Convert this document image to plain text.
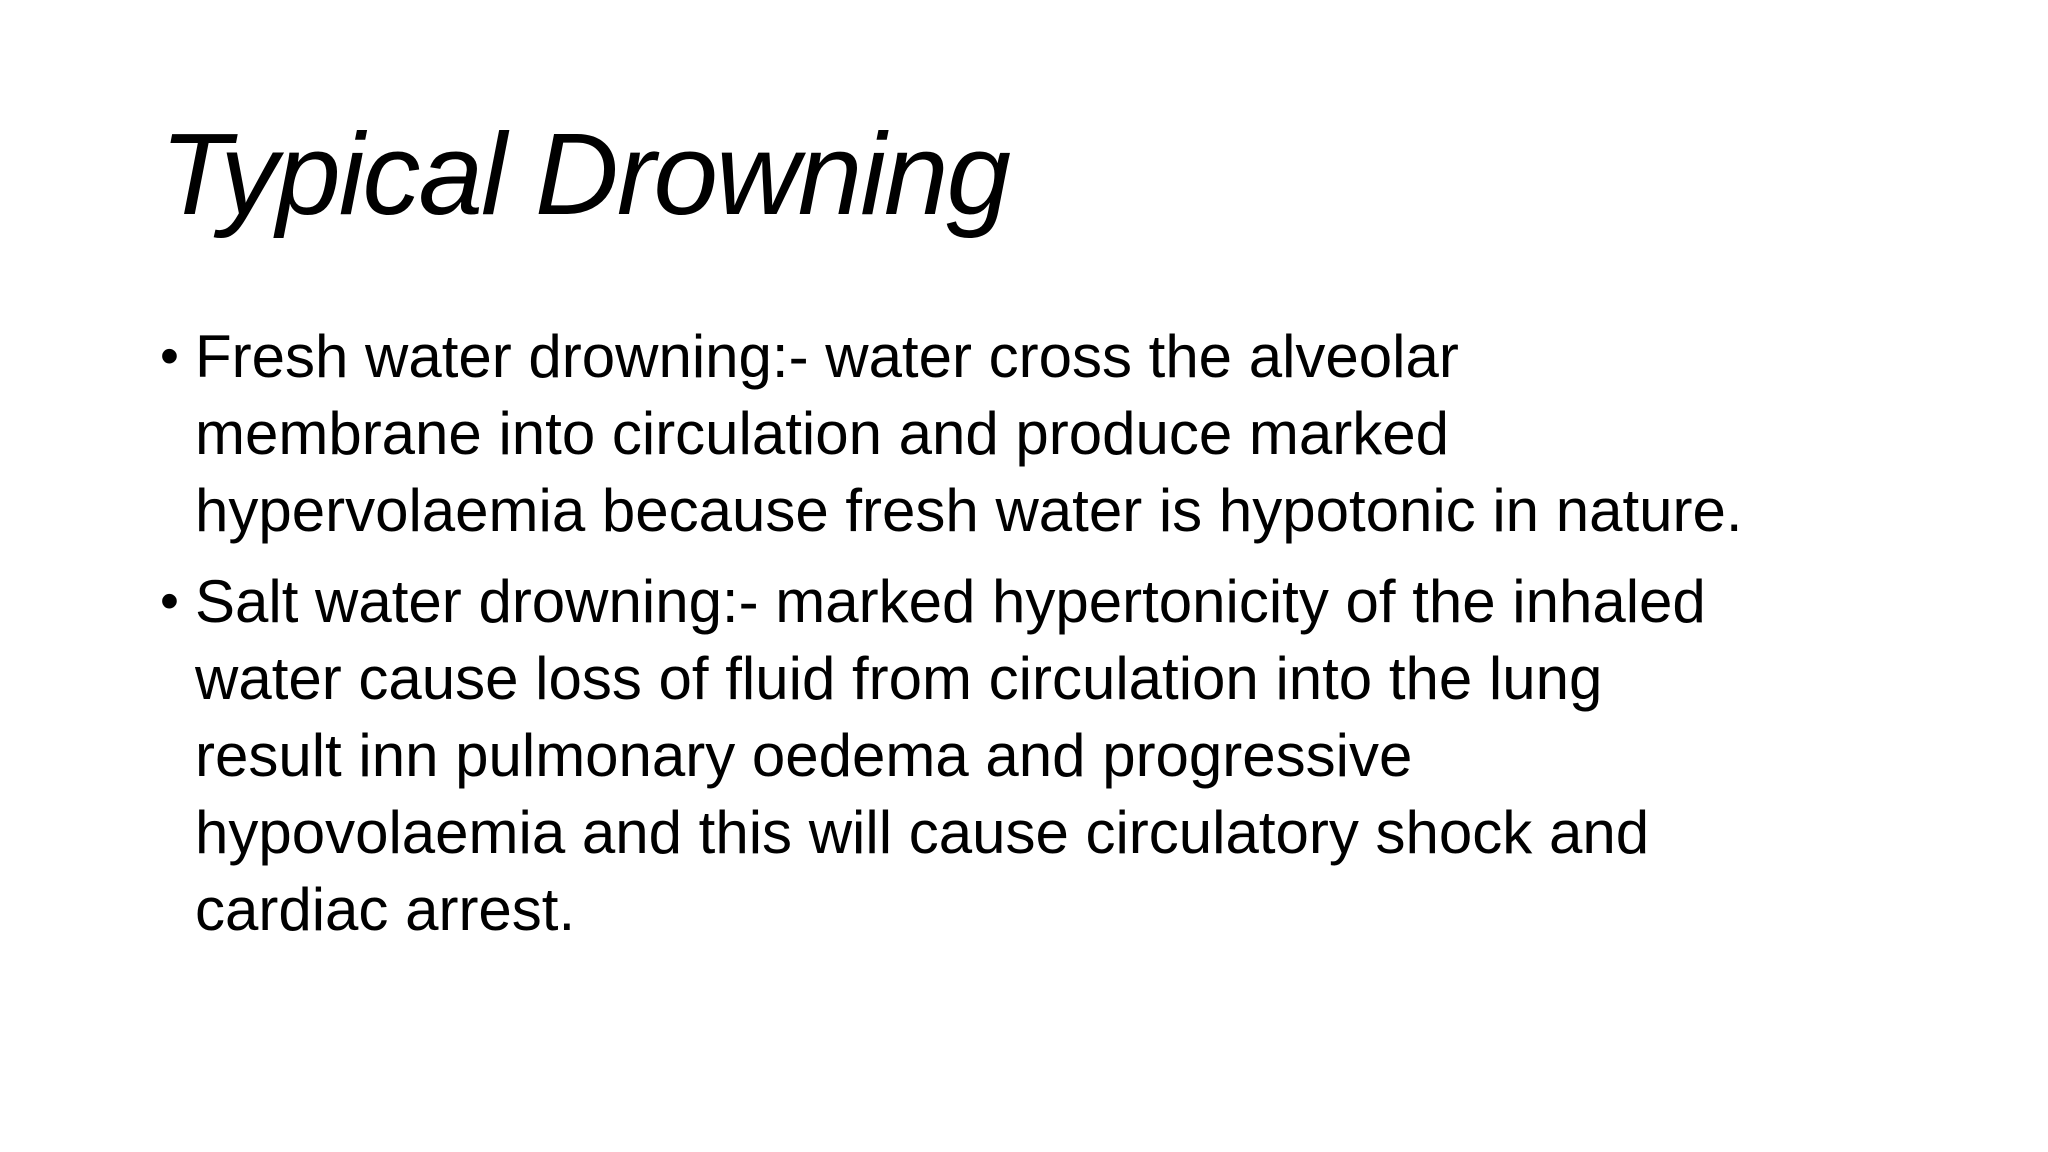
Typical Drowning
• Fresh water drowning:- water cross the alveolar
membrane into circulation and produce marked
hypervolaemia because fresh water is hypotonic in nature.
• Salt water drowning:- marked hypertonicity of the inhaled
water cause loss of fluid from circulation into the lung
result inn pulmonary oedema and progressive
hypovolaemia and this will cause circulatory shock and
cardiac arrest.
